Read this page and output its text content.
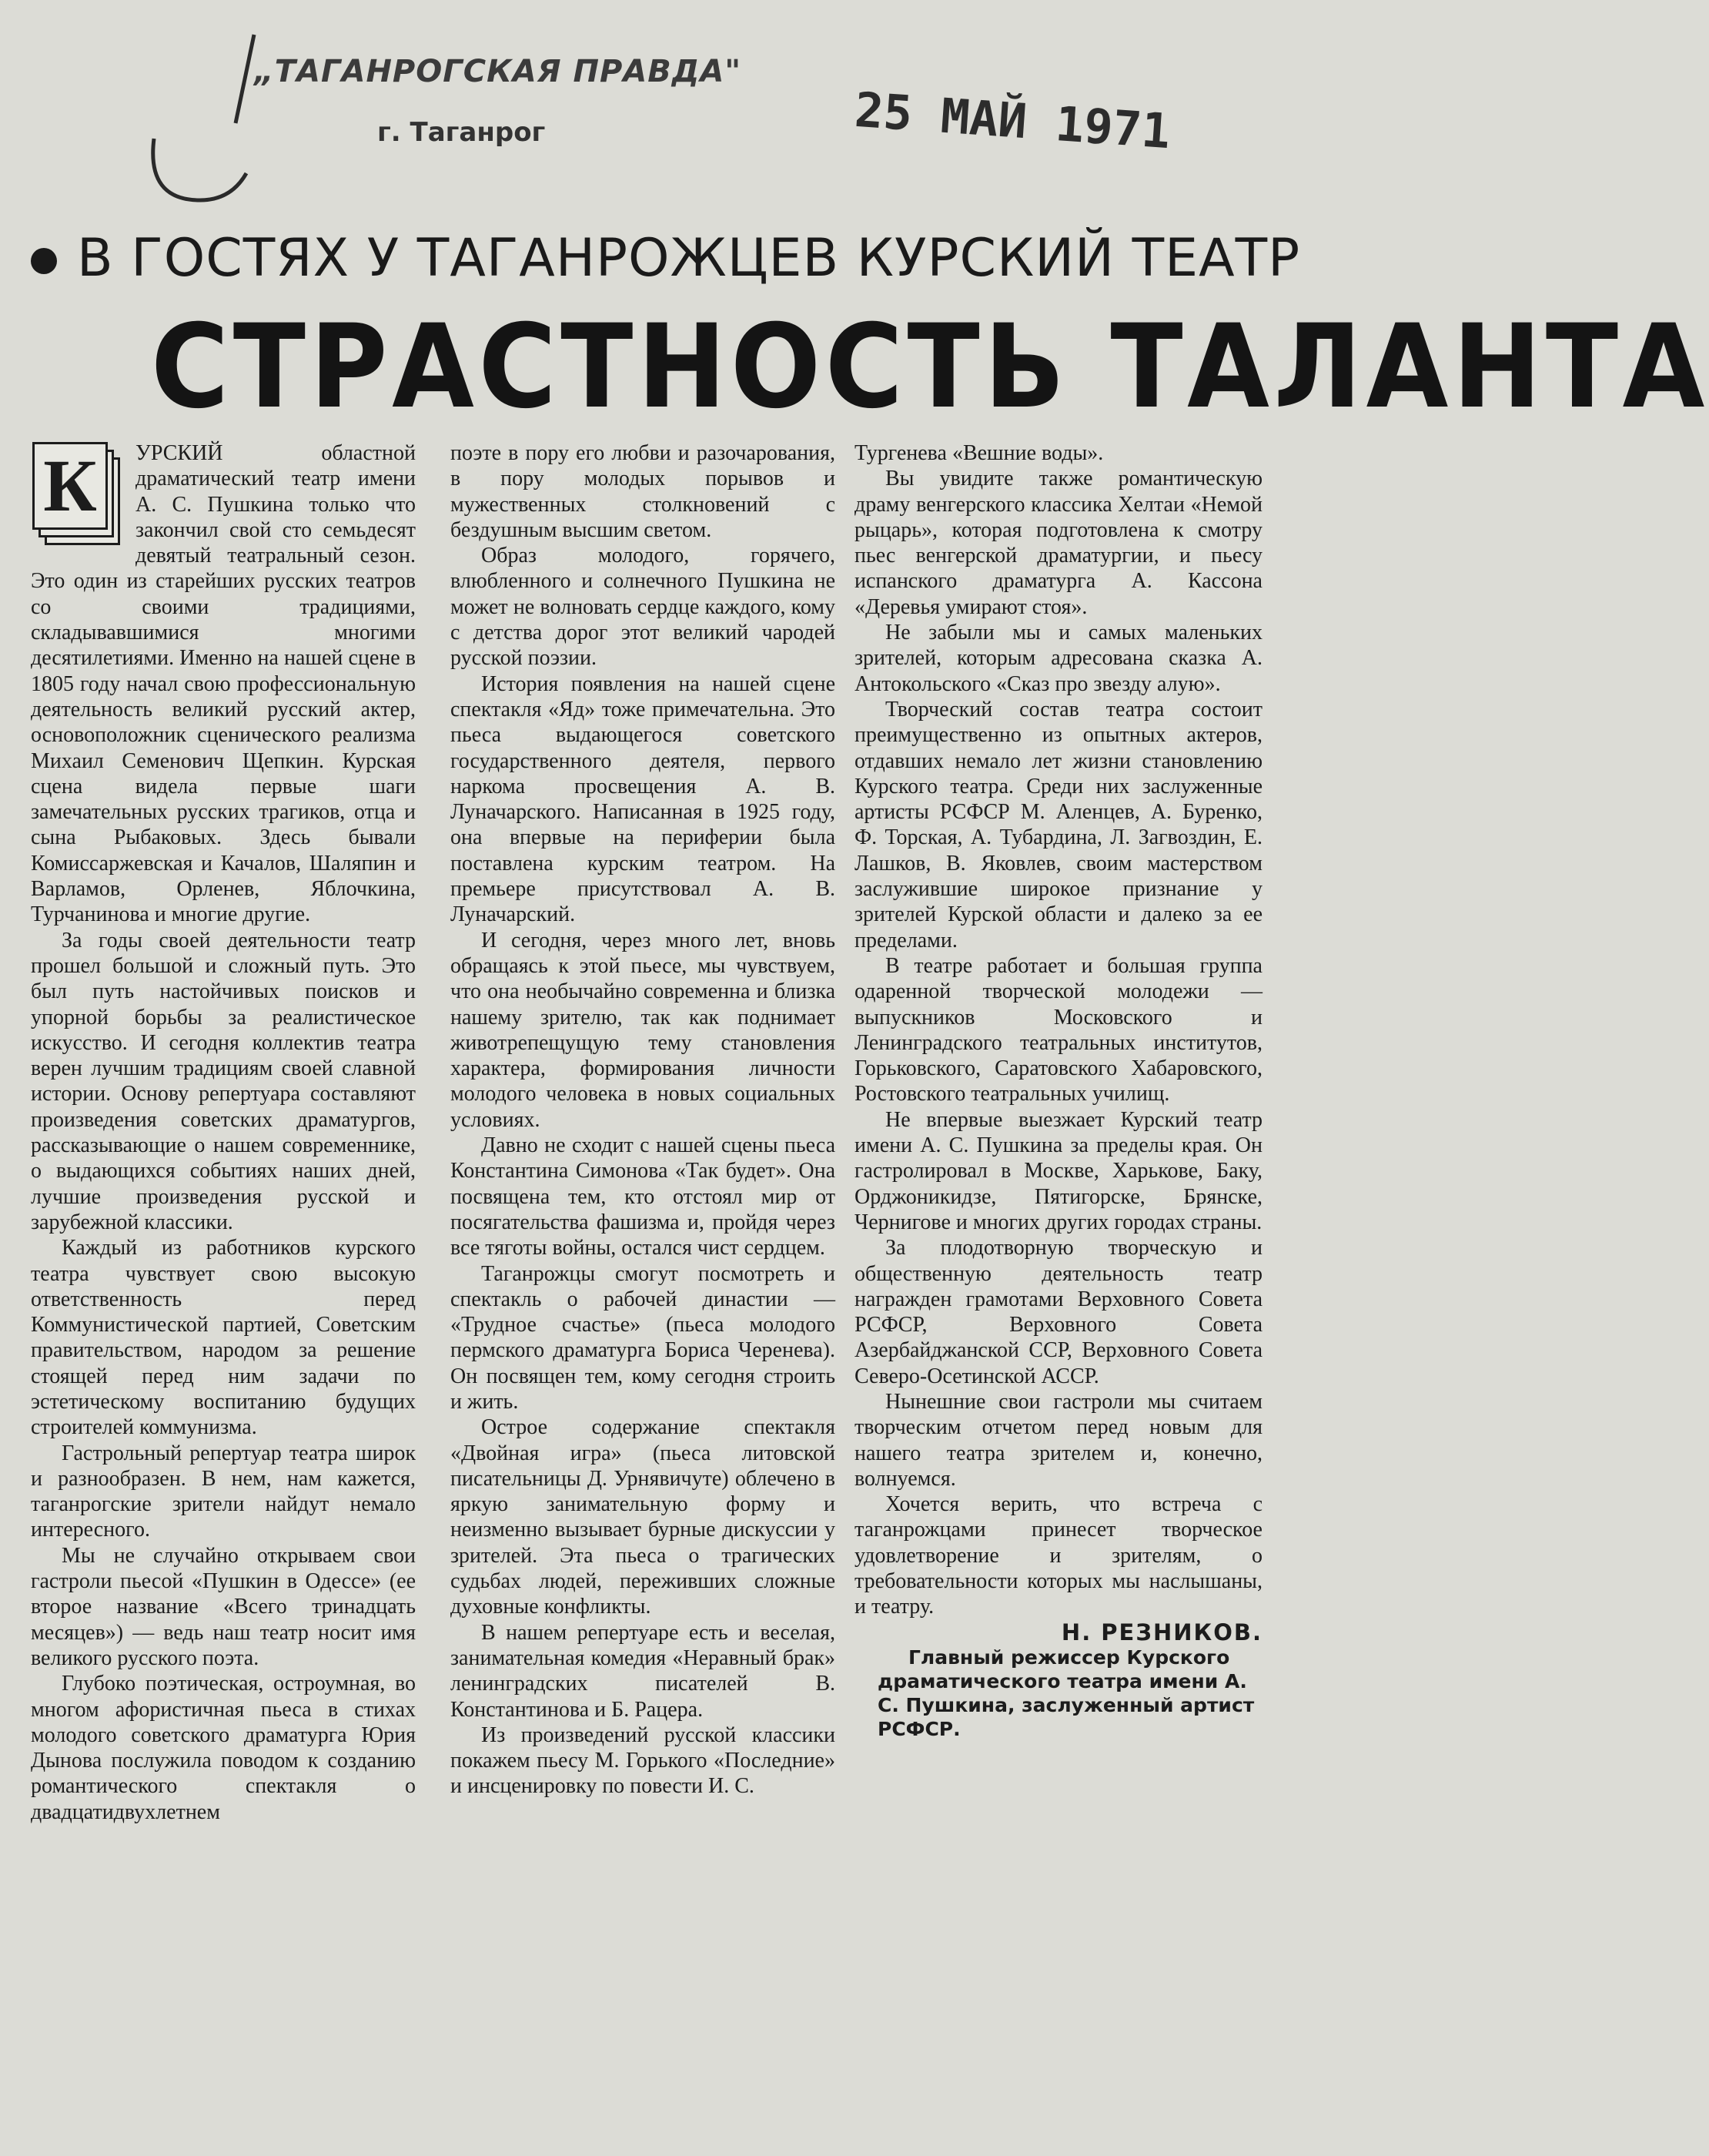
„ТАГАНРОГСКАЯ ПРАВДА"
г. Таганрог	25 МАЙ 1971
В ГОСТЯХ У ТАГАНРОЖЦЕВ КУРСКИЙ ТЕАТР
СТРАСТНОСТЬ ТАЛАНТА
К	УРСКИЙ областной драматический театр имени А. С. Пушкина только что закончил свой сто семьдесят девятый театральный сезон. Это один из старейших русских театров со своими традициями, складывавшимися многими десятилетиями. Именно на нашей сцене в 1805 году начал свою профессиональную деятельность великий русский актер, основоположник сценического реализма Михаил Семенович Щепкин. Курская сцена видела первые шаги замечательных русских трагиков, отца и сына Рыбаковых. Здесь бывали Комиссаржевская и Качалов, Шаляпин и Варламов, Орленев, Яблочкина, Турчанинова и многие другие.

За годы своей деятельности театр прошел большой и сложный путь. Это был путь настойчивых поисков и упорной борьбы за реалистическое искусство. И сегодня коллектив театра верен лучшим традициям своей славной истории. Основу репертуара составляют произведения советских драматургов, рассказывающие о нашем современнике, о выдающихся событиях наших дней, лучшие произведения русской и зарубежной классики.

Каждый из работников курского театра чувствует свою высокую ответственность перед Коммунистической партией, Советским правительством, народом за решение стоящей перед ним задачи по эстетическому воспитанию будущих строителей коммунизма.

Гастрольный репертуар театра широк и разнообразен. В нем, нам кажется, таганрогские зрители найдут немало интересного.

Мы не случайно открываем свои гастроли пьесой «Пушкин в Одессе» (ее второе название «Всего тринадцать месяцев») — ведь наш театр носит имя великого русского поэта.

Глубоко поэтическая, остроумная, во многом афористичная пьеса в стихах молодого советского драматурга Юрия Дынова послужила поводом к созданию романтического спектакля о двадцатидвухлетнем

поэте в пору его любви и разочарования, в пору молодых порывов и мужественных столкновений с бездушным высшим светом.

Образ молодого, горячего, влюбленного и солнечного Пушкина не может не волновать сердце каждого, кому с детства дорог этот великий чародей русской поэзии.

История появления на нашей сцене спектакля «Яд» тоже примечательна. Это пьеса выдающегося советского государственного деятеля, первого наркома просвещения А. В. Луначарского. Написанная в 1925 году, она впервые на периферии была поставлена курским театром. На премьере присутствовал А. В. Луначарский.

И сегодня, через много лет, вновь обращаясь к этой пьесе, мы чувствуем, что она необычайно современна и близка нашему зрителю, так как поднимает животрепещущую тему становления характера, формирования личности молодого человека в новых социальных условиях.

Давно не сходит с нашей сцены пьеса Константина Симонова «Так будет». Она посвящена тем, кто отстоял мир от посягательства фашизма и, пройдя через все тяготы войны, остался чист сердцем.

Таганрожцы смогут посмотреть и спектакль о рабочей династии — «Трудное счастье» (пьеса молодого пермского драматурга Бориса Черенева). Он посвящен тем, кому сегодня строить и жить.

Острое содержание спектакля «Двойная игра» (пьеса литовской писательницы Д. Урнявичуте) облечено в яркую занимательную форму и неизменно вызывает бурные дискуссии у зрителей. Эта пьеса о трагических судьбах людей, переживших сложные духовные конфликты.

В нашем репертуаре есть и веселая, занимательная комедия «Неравный брак» ленинградских писателей В. Константинова и Б. Рацера.

Из произведений русской классики покажем пьесу М. Горького «Последние» и инсценировку по повести И. С.

Тургенева «Вешние воды».

Вы увидите также романтическую драму венгерского классика Хелтаи «Немой рыцарь», которая подготовлена к смотру пьес венгерской драматургии, и пьесу испанского драматурга А. Кассона «Деревья умирают стоя».

Не забыли мы и самых маленьких зрителей, которым адресована сказка А. Антокольского «Сказ про звезду алую».

Творческий состав театра состоит преимущественно из опытных актеров, отдавших немало лет жизни становлению Курского театра. Среди них заслуженные артисты РСФСР М. Аленцев, А. Буренко, Ф. Торская, А. Тубардина, Л. Загвоздин, Е. Лашков, В. Яковлев, своим мастерством заслужившие широкое признание у зрителей Курской области и далеко за ее пределами.

В театре работает и большая группа одаренной творческой молодежи — выпускников Московского и Ленинградского театральных институтов, Горьковского, Саратовского Хабаровского, Ростовского театральных училищ.

Не впервые выезжает Курский театр имени А. С. Пушкина за пределы края. Он гастролировал в Москве, Харькове, Баку, Орджоникидзе, Пятигорске, Брянске, Чернигове и многих других городах страны.

За плодотворную творческую и общественную деятельность театр награжден грамотами Верховного Совета РСФСР, Верховного Совета Азербайджанской ССР, Верховного Совета Северо-Осетинской АССР.

Нынешние свои гастроли мы считаем творческим отчетом перед новым для нашего театра зрителем и, конечно, волнуемся.

Хочется верить, что встреча с таганрожцами принесет творческое удовлетворение и зрителям, о требовательности которых мы наслышаны, и театру.

Н. РЕЗНИКОВ.

Главный режиссер Курского драматического театра имени А. С. Пушкина, заслуженный артист РСФСР.
